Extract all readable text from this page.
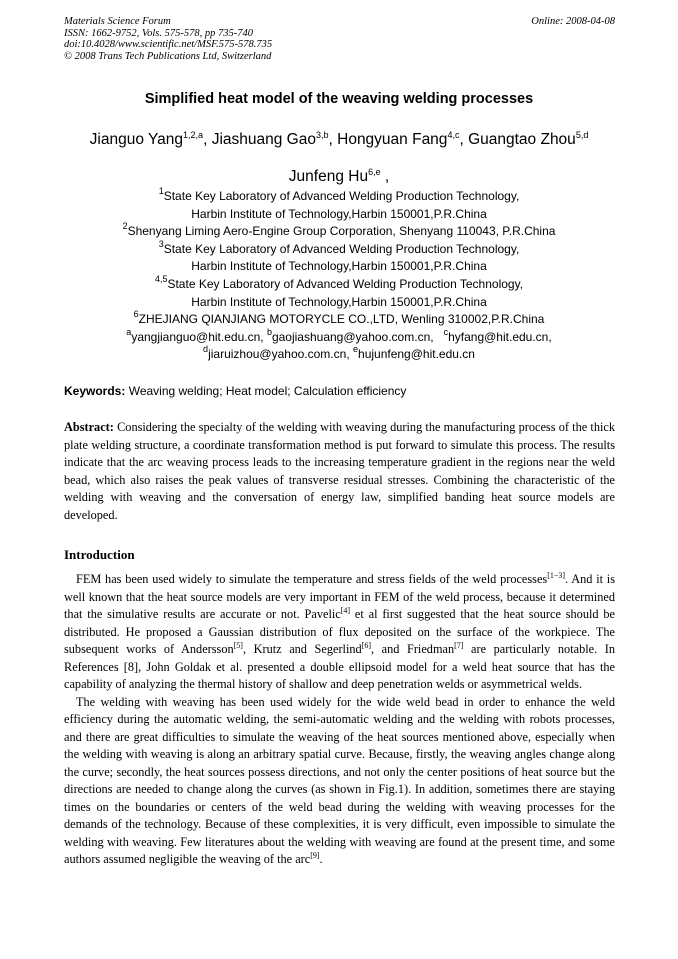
Materials Science Forum
ISSN: 1662-9752, Vols. 575-578, pp 735-740
doi:10.4028/www.scientific.net/MSF.575-578.735
© 2008 Trans Tech Publications Ltd, Switzerland
Online: 2008-04-08
Simplified heat model of the weaving welding processes
Jianguo Yang$^{1,2,a}$, Jiashuang Gao$^{3,b}$, Hongyuan Fang$^{4,c}$, Guangtao Zhou$^{5,d}$
Junfeng Hu$^{6,e}$ ,
$^1$State Key Laboratory of Advanced Welding Production Technology,
Harbin Institute of Technology,Harbin 150001,P.R.China
$^2$Shenyang Liming Aero-Engine Group Corporation, Shenyang 110043, P.R.China
$^3$State Key Laboratory of Advanced Welding Production Technology,
Harbin Institute of Technology,Harbin 150001,P.R.China
$^{4,5}$State Key Laboratory of Advanced Welding Production Technology,
Harbin Institute of Technology,Harbin 150001,P.R.China
$^6$ZHEJIANG QIANJIANG MOTORYCLE CO.,LTD, Wenling 310002,P.R.China
$^a$yangjianguo@hit.edu.cn, $^b$gaojiashuang@yahoo.com.cn, $^c$hyfang@hit.edu.cn,
$^d$jiaruizhou@yahoo.com.cn, $^e$hujunfeng@hit.edu.cn
Keywords: Weaving welding; Heat model; Calculation efficiency
Abstract: Considering the specialty of the welding with weaving during the manufacturing process of the thick plate welding structure, a coordinate transformation method is put forward to simulate this process. The results indicate that the arc weaving process leads to the increasing temperature gradient in the regions near the weld bead, which also raises the peak values of transverse residual stresses. Combining the characteristic of the welding with weaving and the conversation of energy law, simplified banding heat source models are developed.
Introduction

FEM has been used widely to simulate the temperature and stress fields of the weld processes[1−3]. And it is well known that the heat source models are very important in FEM of the weld process, because it determined that the simulative results are accurate or not. Pavelic[4] et al first suggested that the heat source should be distributed. He proposed a Gaussian distribution of flux deposited on the surface of the workpiece. The subsequent works of Andersson[5], Krutz and Segerlind[6], and Friedman[7] are particularly notable. In References [8], John Goldak et al. presented a double ellipsoid model for a weld heat source that has the capability of analyzing the thermal history of shallow and deep penetration welds or asymmetrical welds.

The welding with weaving has been used widely for the wide weld bead in order to enhance the weld efficiency during the automatic welding, the semi-automatic welding and the welding with robots processes, and there are great difficulties to simulate the weaving of the heat sources mentioned above, especially when the welding with weaving is along an arbitrary spatial curve. Because, firstly, the weaving angles change along the curve; secondly, the heat sources possess directions, and not only the center positions of heat source but the directions are needed to change along the curves (as shown in Fig.1). In addition, sometimes there are staying times on the boundaries or centers of the weld bead during the welding with weaving processes for the demands of the technology. Because of these complexities, it is very difficult, even impossible to simulate the welding with weaving. Few literatures about the welding with weaving are found at the present time, and some authors assumed negligible the weaving of the arc[9].
